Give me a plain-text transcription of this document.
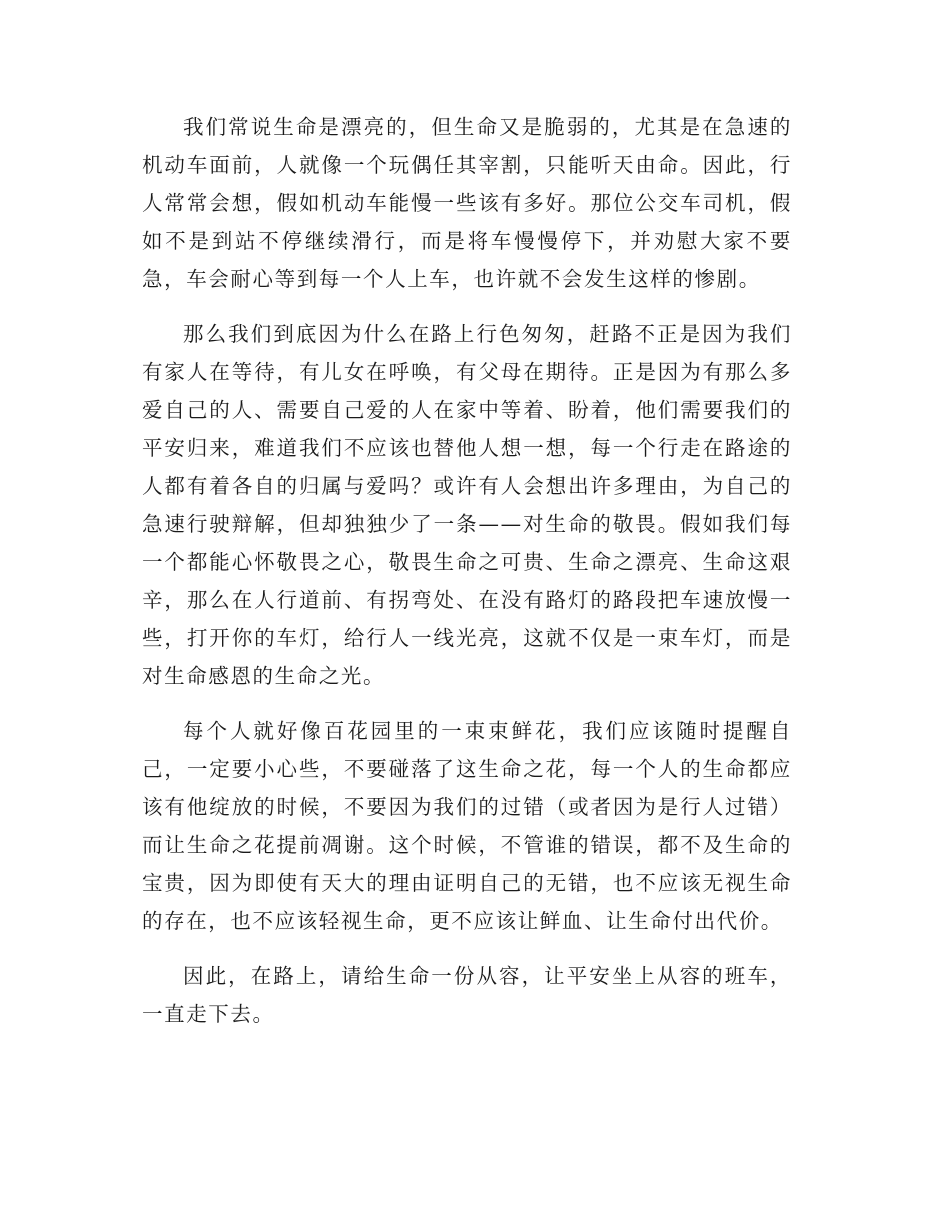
我们常说生命是漂亮的，但生命又是脆弱的，尤其是在急速的机动车面前，人就像一个玩偶任其宰割，只能听天由命。因此，行人常常会想，假如机动车能慢一些该有多好。那位公交车司机，假如不是到站不停继续滑行，而是将车慢慢停下，并劝慰大家不要急，车会耐心等到每一个人上车，也许就不会发生这样的惨剧。

那么我们到底因为什么在路上行色匆匆，赶路不正是因为我们有家人在等待，有儿女在呼唤，有父母在期待。正是因为有那么多爱自己的人、需要自己爱的人在家中等着、盼着，他们需要我们的平安归来，难道我们不应该也替他人想一想，每一个行走在路途的人都有着各自的归属与爱吗？或许有人会想出许多理由，为自己的急速行驶辩解，但却独独少了一条——对生命的敬畏。假如我们每一个都能心怀敬畏之心，敬畏生命之可贵、生命之漂亮、生命这艰辛，那么在人行道前、有拐弯处、在没有路灯的路段把车速放慢一些，打开你的车灯，给行人一线光亮，这就不仅是一束车灯，而是对生命感恩的生命之光。

每个人就好像百花园里的一束束鲜花，我们应该随时提醒自己，一定要小心些，不要碰落了这生命之花，每一个人的生命都应该有他绽放的时候，不要因为我们的过错（或者因为是行人过错）而让生命之花提前凋谢。这个时候，不管谁的错误，都不及生命的宝贵，因为即使有天大的理由证明自己的无错，也不应该无视生命的存在，也不应该轻视生命，更不应该让鲜血、让生命付出代价。

因此，在路上，请给生命一份从容，让平安坐上从容的班车，一直走下去。
